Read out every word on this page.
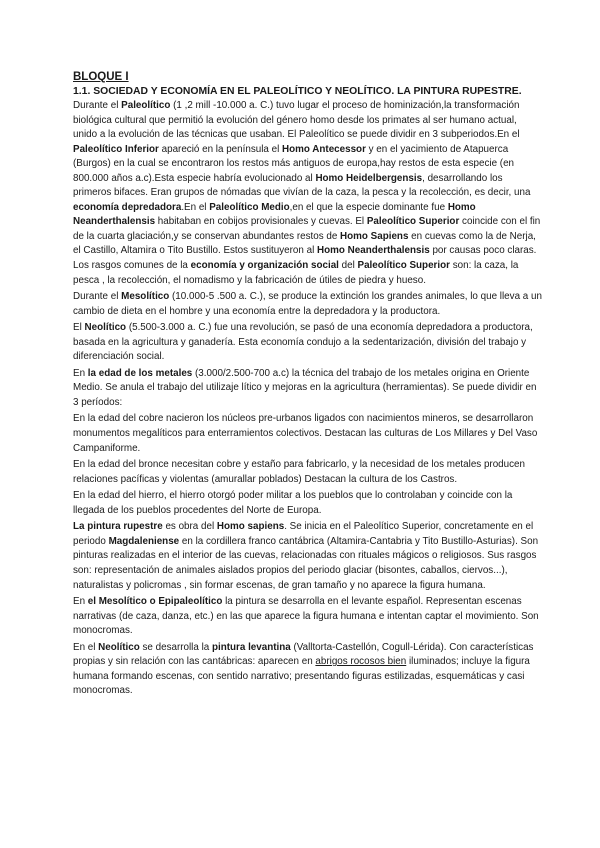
BLOQUE I
1.1. SOCIEDAD Y ECONOMÍA EN EL PALEOLÍTICO Y NEOLÍTICO. LA PINTURA RUPESTRE.
Durante el Paleolítico (1 ,2 mill -10.000 a. C.) tuvo lugar el proceso de hominización,la transformación biológica cultural que permitió la evolución del género homo desde los primates al ser humano actual, unido a la evolución de las técnicas que usaban. El Paleolítico se puede dividir en 3 subperiodos.En el Paleolítico Inferior apareció en la península el Homo Antecessor y en el yacimiento de Atapuerca (Burgos) en la cual se encontraron los restos más antiguos de europa,hay restos de esta especie (en 800.000 años a.c).Esta especie habría evolucionado al Homo Heidelbergensis, desarrollando los primeros bifaces. Eran grupos de nómadas que vivían de la caza, la pesca y la recolección, es decir, una economía depredadora.En el Paleolítico Medio,en el que la especie dominante fue Homo Neanderthalensis habitaban en cobijos provisionales y cuevas. El Paleolítico Superior coincide con el fin de la cuarta glaciación,y se conservan abundantes restos de Homo Sapiens en cuevas como la de Nerja, el Castillo, Altamira o Tito Bustillo. Estos sustituyeron al Homo Neanderthalensis por causas poco claras. Los rasgos comunes de la economía y organización social del Paleolítico Superior son: la caza, la pesca , la recolección, el nomadismo y la fabricación de útiles de piedra y hueso.
Durante el Mesolítico (10.000-5 .500 a. C.), se produce la extinción los grandes animales, lo que lleva a un cambio de dieta en el hombre y una economía entre la depredadora y la productora.
El Neolítico (5.500-3.000 a. C.) fue una revolución, se pasó de una economía depredadora a productora, basada en la agricultura y ganadería. Esta economía condujo a la sedentarización, división del trabajo y diferenciación social.
En la edad de los metales (3.000/2.500-700 a.c) la técnica del trabajo de los metales origina en Oriente Medio. Se anula el trabajo del utilizaje lítico y mejoras en la agricultura (herramientas). Se puede dividir en 3 períodos:
En la edad del cobre nacieron los núcleos pre-urbanos ligados con nacimientos mineros, se desarrollaron monumentos megalíticos para enterramientos colectivos. Destacan las culturas de Los Millares y Del Vaso Campaniforme.
En la edad del bronce necesitan cobre y estaño para fabricarlo, y la necesidad de los metales producen relaciones pacíficas y violentas (amurallar poblados) Destacan la cultura de los Castros.
En la edad del hierro, el hierro otorgó poder militar a los pueblos que lo controlaban y coincide con la llegada de los pueblos procedentes del Norte de Europa.
La pintura rupestre es obra del Homo sapiens. Se inicia en el Paleolítico Superior, concretamente en el periodo Magdaleniense en la cordillera franco cantábrica (Altamira-Cantabria y Tito Bustillo-Asturias). Son pinturas realizadas en el interior de las cuevas, relacionadas con rituales mágicos o religiosos. Sus rasgos son: representación de animales aislados propios del periodo glaciar (bisontes, caballos, ciervos...), naturalistas y policromas , sin formar escenas, de gran tamaño y no aparece la figura humana.
En el Mesolítico o Epipaleolítico la pintura se desarrolla en el levante español. Representan escenas narrativas (de caza, danza, etc.) en las que aparece la figura humana e intentan captar el movimiento. Son monocromas.
En el Neolítico se desarrolla la pintura levantina (Valltorta-Castellón, Cogull-Lérida). Con características propias y sin relación con las cantábricas: aparecen en abrigos rocosos bien iluminados; incluye la figura humana formando escenas, con sentido narrativo; presentando figuras estilizadas, esquemáticas y casi monocromas.
